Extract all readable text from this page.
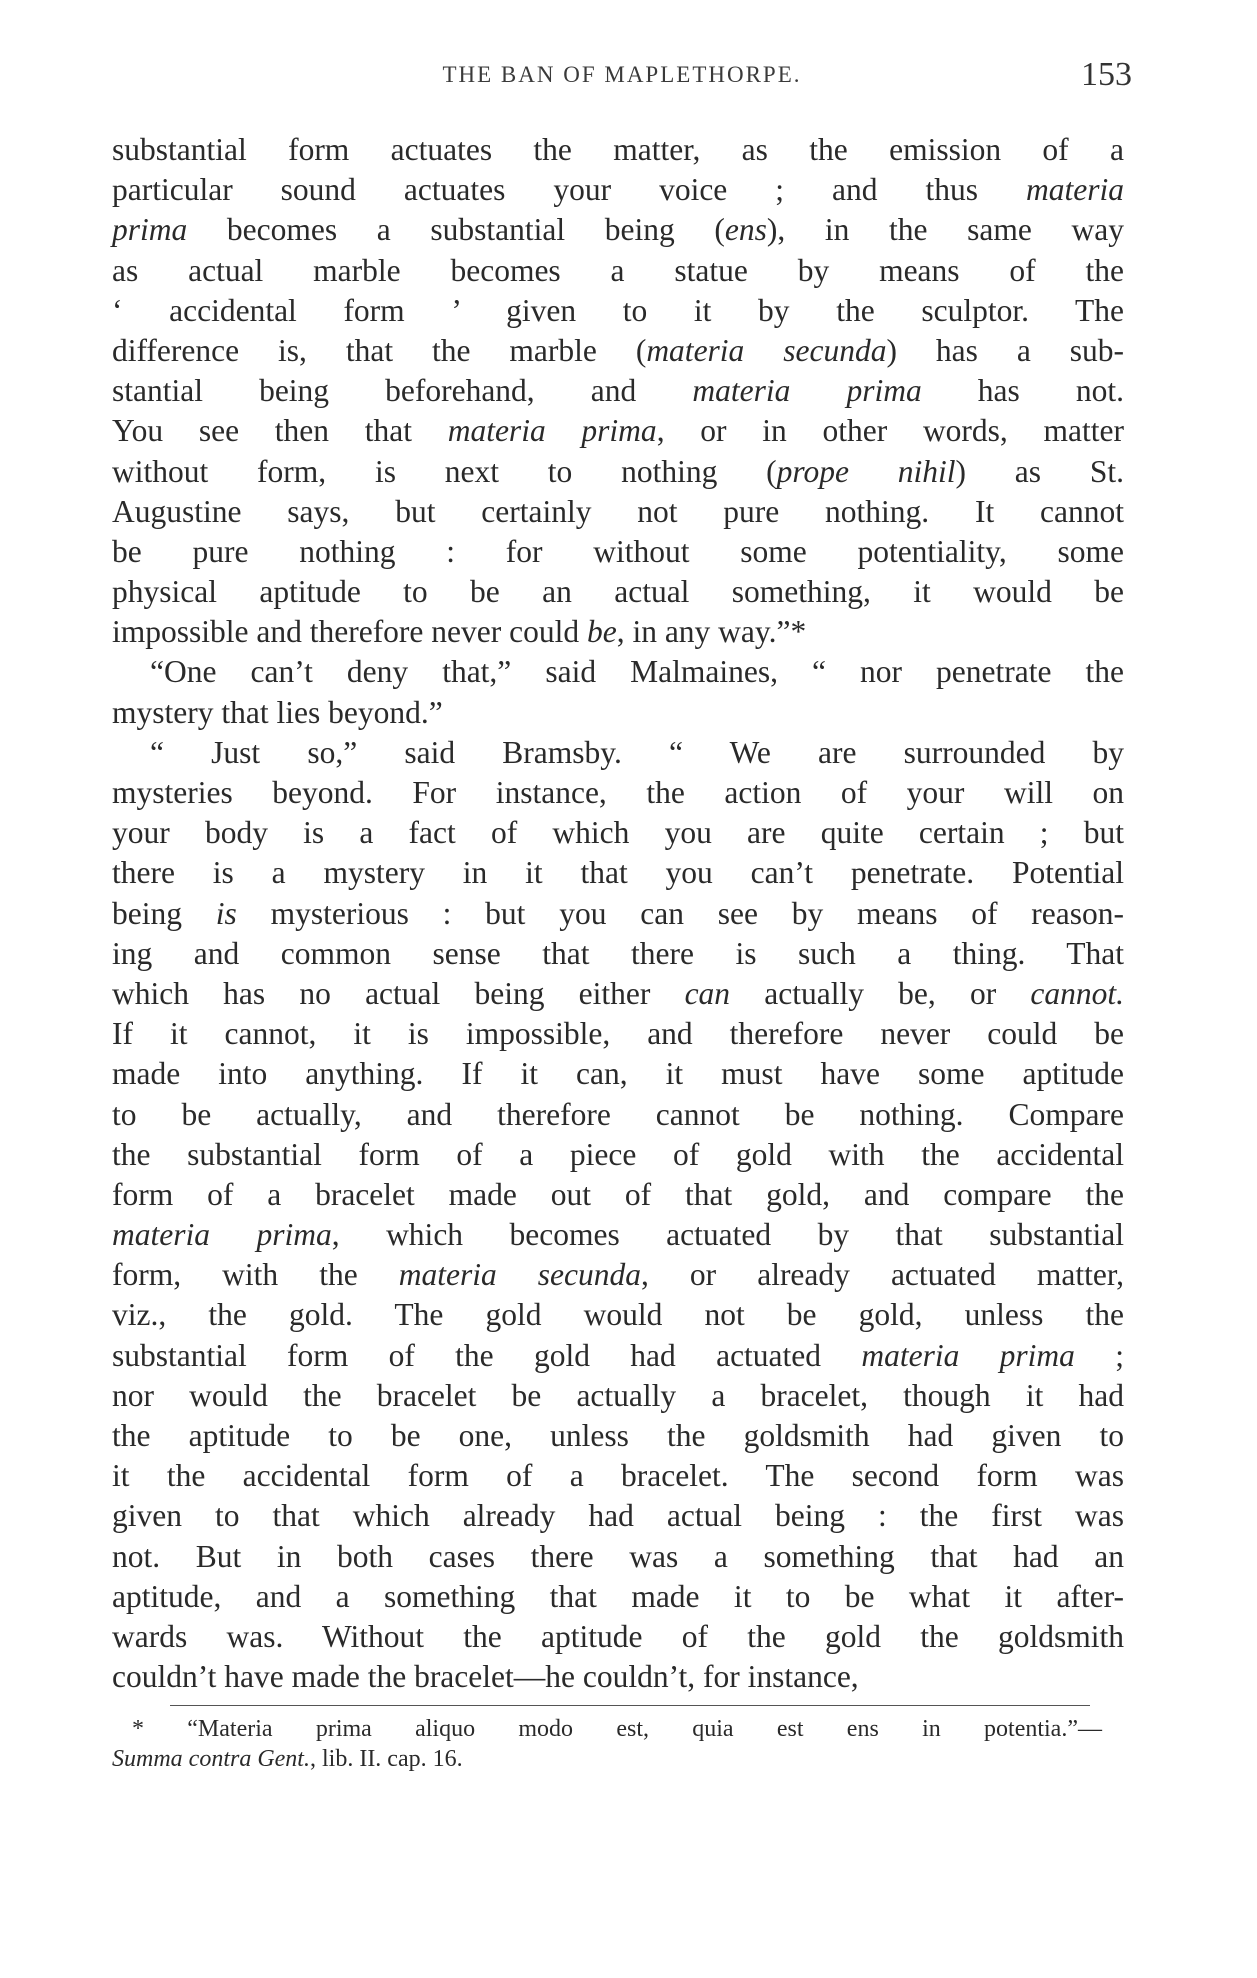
THE BAN OF MAPLETHORPE.	153
substantial form actuates the matter, as the emission of a
particular sound actuates your voice ; and thus materia
prima becomes a substantial being (ens), in the same way
as actual marble becomes a statue by means of the
‘ accidental form ’ given to it by the sculptor. The
difference is, that the marble (materia secunda) has a sub-
stantial being beforehand, and materia prima has not.
You see then that materia prima, or in other words, matter
without form, is next to nothing (prope nihil) as St.
Augustine says, but certainly not pure nothing. It cannot
be pure nothing : for without some potentiality, some
physical aptitude to be an actual something, it would be
impossible and therefore never could be, in any way.”*
“One can’t deny that,” said Malmaines, “ nor penetrate the
mystery that lies beyond.”
“ Just so,” said Bramsby. “ We are surrounded by
mysteries beyond. For instance, the action of your will on
your body is a fact of which you are quite certain ; but
there is a mystery in it that you can’t penetrate. Potential
being is mysterious : but you can see by means of reason-
ing and common sense that there is such a thing. That
which has no actual being either can actually be, or cannot.
If it cannot, it is impossible, and therefore never could be
made into anything. If it can, it must have some aptitude
to be actually, and therefore cannot be nothing. Compare
the substantial form of a piece of gold with the accidental
form of a bracelet made out of that gold, and compare the
materia prima, which becomes actuated by that substantial
form, with the materia secunda, or already actuated matter,
viz., the gold. The gold would not be gold, unless the
substantial form of the gold had actuated materia prima ;
nor would the bracelet be actually a bracelet, though it had
the aptitude to be one, unless the goldsmith had given to
it the accidental form of a bracelet. The second form was
given to that which already had actual being : the first was
not. But in both cases there was a something that had an
aptitude, and a something that made it to be what it after-
wards was. Without the aptitude of the gold the goldsmith
couldn’t have made the bracelet—he couldn’t, for instance,
* “Materia prima aliquo modo est, quia est ens in potentia.”—
Summa contra Gent., lib. II. cap. 16.
